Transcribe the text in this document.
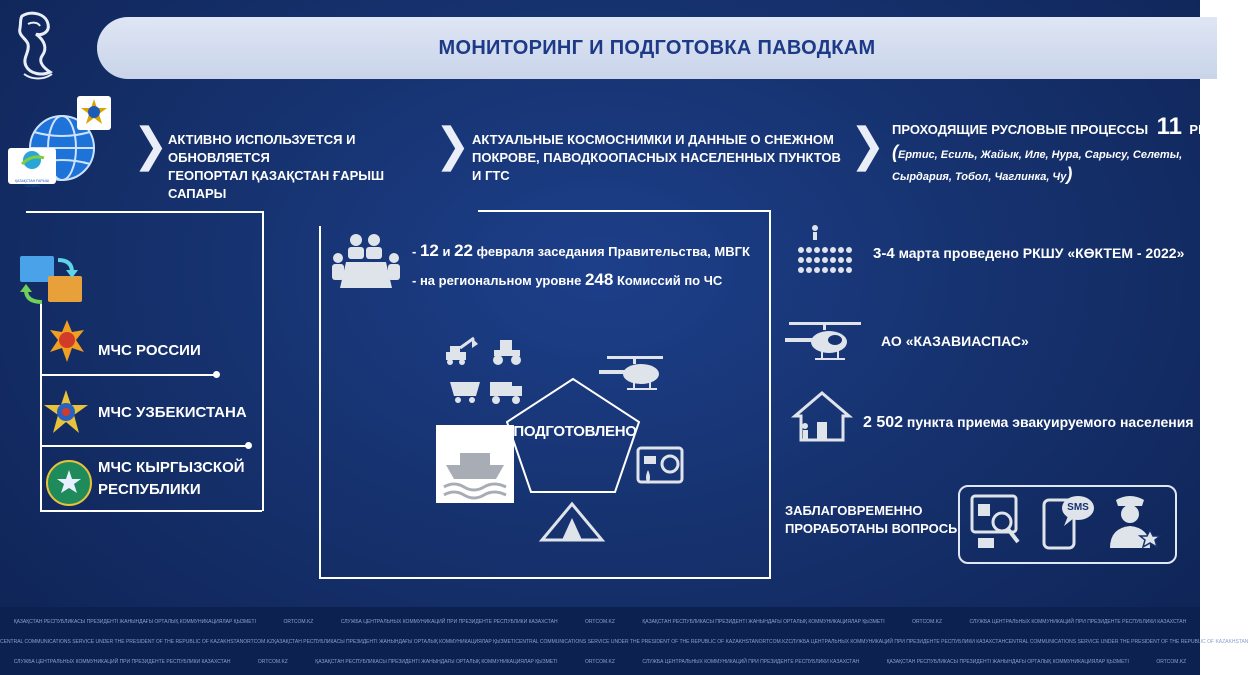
МОНИТОРИНГ И ПОДГОТОВКА ПАВОДКАМ
ҚАЗАҚСТАН ҒАРЫШ САПАРЫ
❯	❯	❯
АКТИВНО ИСПОЛЬЗУЕТСЯ И ОБНОВЛЯЕТСЯ
ГЕОПОРТАЛ ҚАЗАҚСТАН ҒАРЫШ САПАРЫ
АКТУАЛЬНЫЕ КОСМОСНИМКИ И ДАННЫЕ О СНЕЖНОМ
ПОКРОВЕ, ПАВОДКООПАСНЫХ НАСЕЛЕННЫХ ПУНКТОВ И ГТС
ПРОХОДЯЩИЕ РУСЛОВЫЕ ПРОЦЕССЫ 11 РЕК
(Ертис, Есиль, Жайык, Иле, Нура, Сарысу, Селеты,
Сырдария, Тобол, Чаглинка, Чу)
МЧС РОССИИ
МЧС УЗБЕКИСТАНА
МЧС КЫРГЫЗСКОЙ
РЕСПУБЛИКИ
- 12 и 22 февраля заседания Правительства, МВГК
- на региональном уровне 248 Комиссий по ЧС
ПОДГОТОВЛЕНО
3-4 марта проведено РКШУ «КӨКТЕМ - 2022»
АО «КАЗАВИАСПАС»
2 502 пункта приема эвакуируемого населения
ЗАБЛАГОВРЕМЕННО
ПРОРАБОТАНЫ ВОПРОСЫ
SMS
ҚАЗАҚСТАН РЕСПУБЛИКАСЫ ПРЕЗИДЕНТІ ЖАНЫНДАҒЫ ОРТАЛЫҚ КОММУНИКАЦИЯЛАР ҚЫЗМЕТІ	ORTCOM.KZ	СЛУЖБА ЦЕНТРАЛЬНЫХ КОММУНИКАЦИЙ ПРИ ПРЕЗИДЕНТЕ РЕСПУБЛИКИ КАЗАХСТАН	ORTCOM.KZ	ҚАЗАҚСТАН РЕСПУБЛИКАСЫ ПРЕЗИДЕНТІ ЖАНЫНДАҒЫ ОРТАЛЫҚ КОММУНИКАЦИЯЛАР ҚЫЗМЕТІ	ORTCOM.KZ	СЛУЖБА ЦЕНТРАЛЬНЫХ КОММУНИКАЦИЙ ПРИ ПРЕЗИДЕНТЕ РЕСПУБЛИКИ КАЗАХСТАН
CENTRAL COMMUNICATIONS SERVICE UNDER THE PRESIDENT OF THE REPUBLIC OF KAZAKHSTAN ORTCOM.KZ ҚАЗАҚСТАН РЕСПУБЛИКАСЫ ПРЕЗИДЕНТІ ЖАНЫНДАҒЫ ОРТАЛЫҚ КОММУНИКАЦИЯЛАР ҚЫЗМЕТІ CENTRAL COMMUNICATIONS SERVICE UNDER THE PRESIDENT OF THE REPUBLIC OF KAZAKHSTAN ORTCOM.KZ СЛУЖБА ЦЕНТРАЛЬНЫХ КОММУНИКАЦИЙ ПРИ ПРЕЗИДЕНТЕ РЕСПУБЛИКИ КАЗАХСТАН CENTRAL COMMUNICATIONS SERVICE UNDER THE PRESIDENT OF THE REPUBLIC OF KAZAKHSTAN
СЛУЖБА ЦЕНТРАЛЬНЫХ КОММУНИКАЦИЙ ПРИ ПРЕЗИДЕНТЕ РЕСПУБЛИКИ КАЗАХСТАН	ORTCOM.KZ	ҚАЗАҚСТАН РЕСПУБЛИКАСЫ ПРЕЗИДЕНТІ ЖАНЫНДАҒЫ ОРТАЛЫҚ КОММУНИКАЦИЯЛАР ҚЫЗМЕТІ	ORTCOM.KZ	СЛУЖБА ЦЕНТРАЛЬНЫХ КОММУНИКАЦИЙ ПРИ ПРЕЗИДЕНТЕ РЕСПУБЛИКИ КАЗАХСТАН	ҚАЗАҚСТАН РЕСПУБЛИКАСЫ ПРЕЗИДЕНТІ ЖАНЫНДАҒЫ ОРТАЛЫҚ КОММУНИКАЦИЯЛАР ҚЫЗМЕТІ	ORTCOM.KZ
